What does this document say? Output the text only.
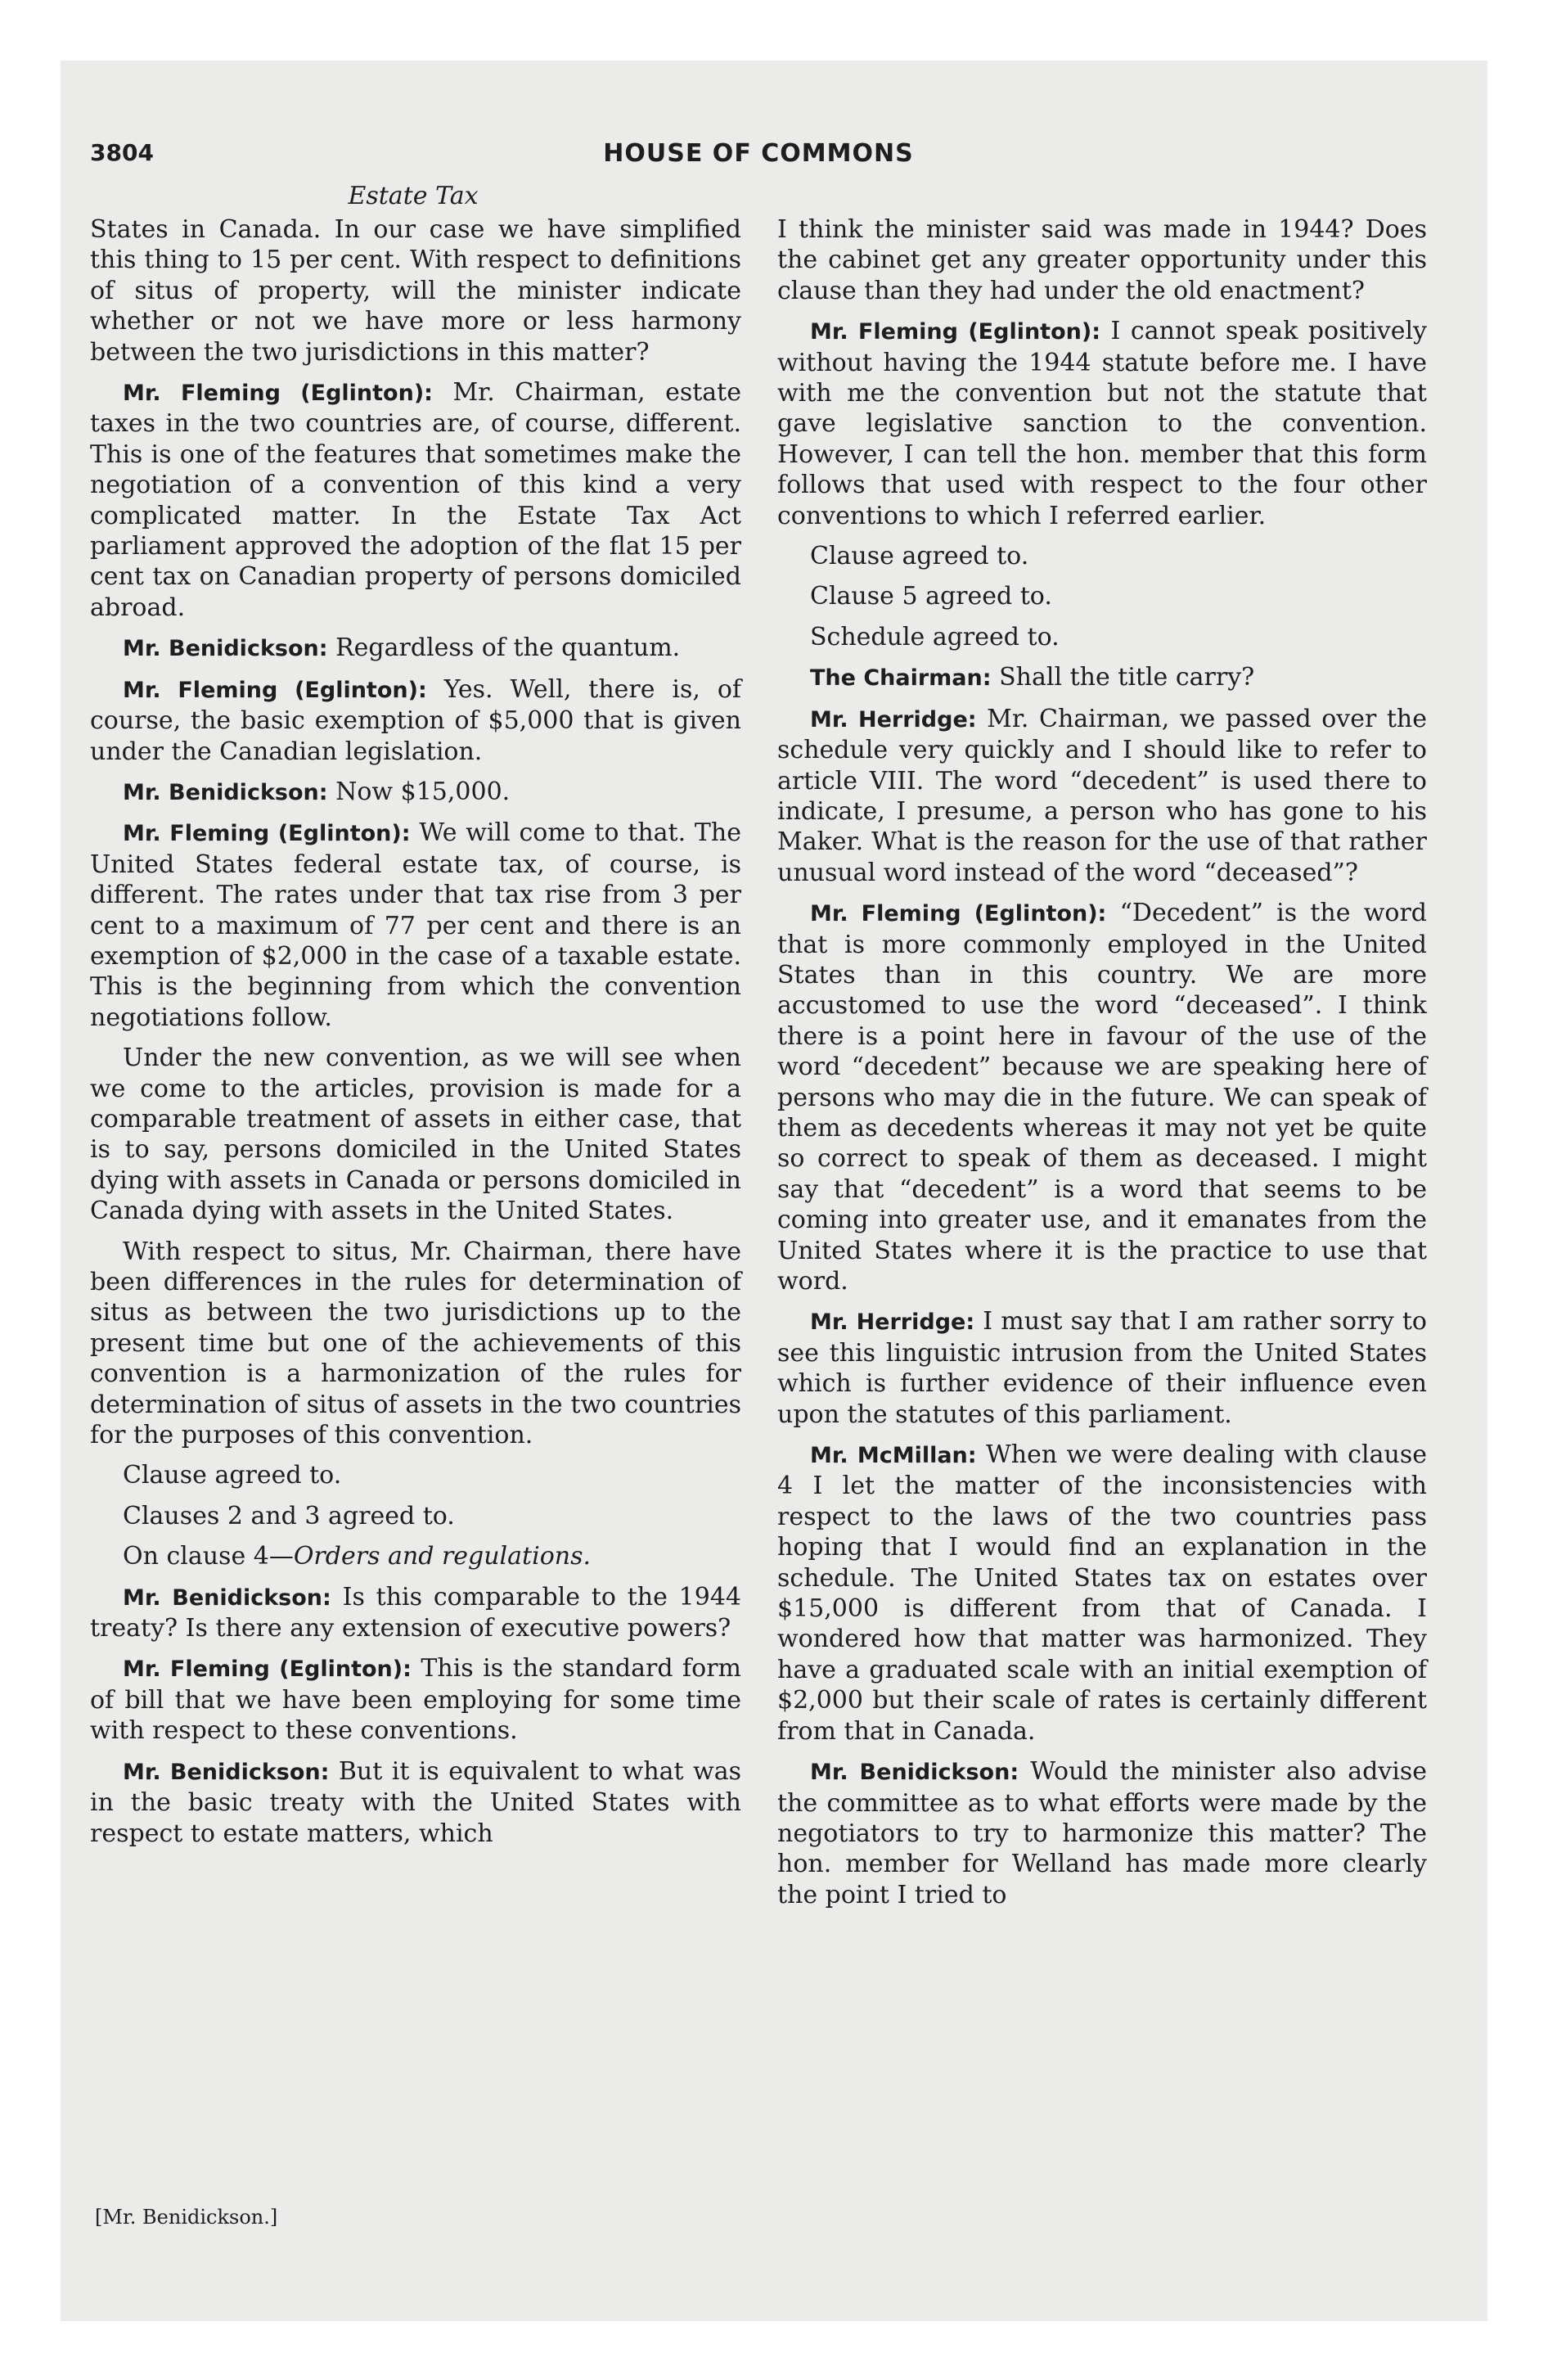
3804	HOUSE OF COMMONS
Estate Tax

States in Canada. In our case we have simplified this thing to 15 per cent. With respect to definitions of situs of property, will the minister indicate whether or not we have more or less harmony between the two jurisdictions in this matter?

Mr. Fleming (Eglinton): Mr. Chairman, estate taxes in the two countries are, of course, different. This is one of the features that sometimes make the negotiation of a convention of this kind a very complicated matter. In the Estate Tax Act parliament approved the adoption of the flat 15 per cent tax on Canadian property of persons domiciled abroad.

Mr. Benidickson: Regardless of the quantum.

Mr. Fleming (Eglinton): Yes. Well, there is, of course, the basic exemption of $5,000 that is given under the Canadian legislation.

Mr. Benidickson: Now $15,000.

Mr. Fleming (Eglinton): We will come to that. The United States federal estate tax, of course, is different. The rates under that tax rise from 3 per cent to a maximum of 77 per cent and there is an exemption of $2,000 in the case of a taxable estate. This is the beginning from which the convention negotiations follow.

Under the new convention, as we will see when we come to the articles, provision is made for a comparable treatment of assets in either case, that is to say, persons domiciled in the United States dying with assets in Canada or persons domiciled in Canada dying with assets in the United States.

With respect to situs, Mr. Chairman, there have been differences in the rules for determination of situs as between the two jurisdictions up to the present time but one of the achievements of this convention is a harmonization of the rules for determination of situs of assets in the two countries for the purposes of this convention.

Clause agreed to.

Clauses 2 and 3 agreed to.

On clause 4—Orders and regulations.

Mr. Benidickson: Is this comparable to the 1944 treaty? Is there any extension of executive powers?

Mr. Fleming (Eglinton): This is the standard form of bill that we have been employing for some time with respect to these conventions.

Mr. Benidickson: But it is equivalent to what was in the basic treaty with the United States with respect to estate matters, which

I think the minister said was made in 1944? Does the cabinet get any greater opportunity under this clause than they had under the old enactment?

Mr. Fleming (Eglinton): I cannot speak positively without having the 1944 statute before me. I have with me the convention but not the statute that gave legislative sanction to the convention. However, I can tell the hon. member that this form follows that used with respect to the four other conventions to which I referred earlier.

Clause agreed to.

Clause 5 agreed to.

Schedule agreed to.

The Chairman: Shall the title carry?

Mr. Herridge: Mr. Chairman, we passed over the schedule very quickly and I should like to refer to article VIII. The word “decedent” is used there to indicate, I presume, a person who has gone to his Maker. What is the reason for the use of that rather unusual word instead of the word “deceased”?

Mr. Fleming (Eglinton): “Decedent” is the word that is more commonly employed in the United States than in this country. We are more accustomed to use the word “deceased”. I think there is a point here in favour of the use of the word “decedent” because we are speaking here of persons who may die in the future. We can speak of them as decedents whereas it may not yet be quite so correct to speak of them as deceased. I might say that “decedent” is a word that seems to be coming into greater use, and it emanates from the United States where it is the practice to use that word.

Mr. Herridge: I must say that I am rather sorry to see this linguistic intrusion from the United States which is further evidence of their influence even upon the statutes of this parliament.

Mr. McMillan: When we were dealing with clause 4 I let the matter of the inconsistencies with respect to the laws of the two countries pass hoping that I would find an explanation in the schedule. The United States tax on estates over $15,000 is different from that of Canada. I wondered how that matter was harmonized. They have a graduated scale with an initial exemption of $2,000 but their scale of rates is certainly different from that in Canada.

Mr. Benidickson: Would the minister also advise the committee as to what efforts were made by the negotiators to try to harmonize this matter? The hon. member for Welland has made more clearly the point I tried to

[Mr. Benidickson.]
